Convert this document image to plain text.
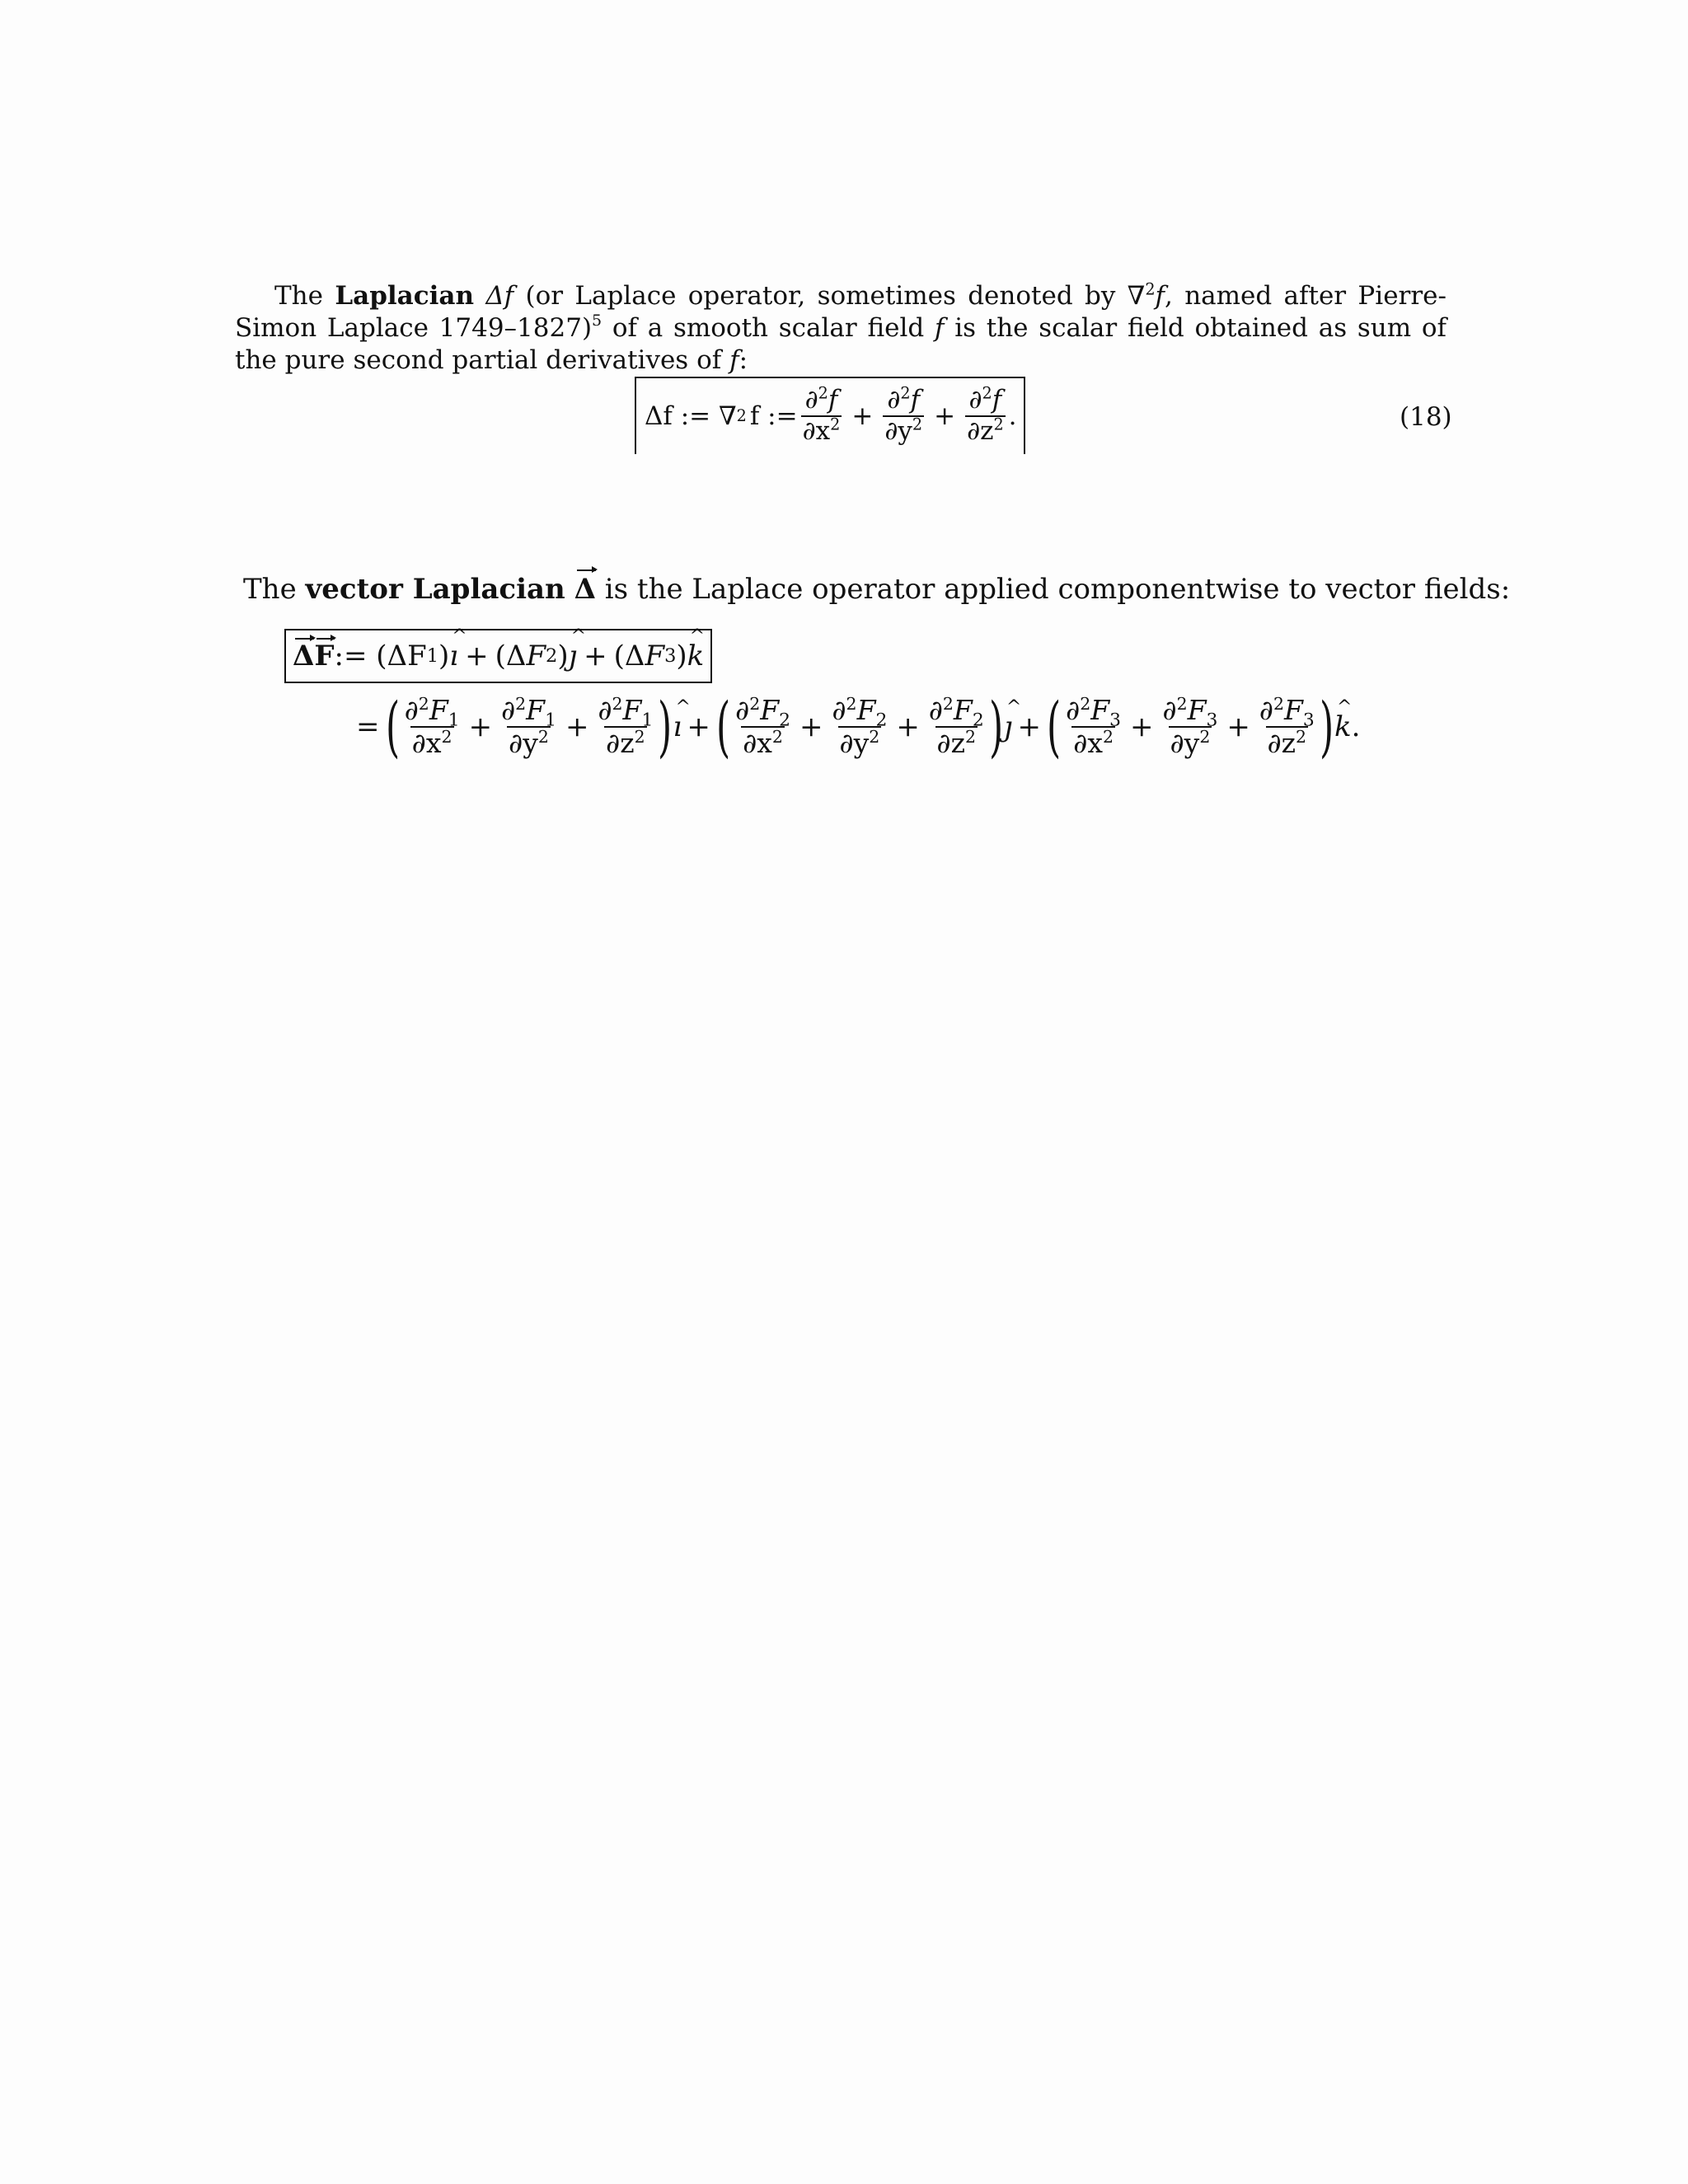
The Laplacian Δf (or Laplace operator, sometimes denoted by ∇$^2$f, named after Pierre-Simon Laplace 1749–1827)$^5$ of a smooth scalar field f is the scalar field obtained as sum of the pure second partial derivatives of f:
Δf := ∇ 2 f := $\frac{\partial^2f}{\partial x^2} + \frac{\partial^2f}{\partial y^2} + \frac{\partial^2f}{\partial z^2}$ .	(18)
The vector Laplacian Δ is the Laplace operator applied componentwise to vector fields:
Δ F := (ΔF 1 ) ı ^ + (Δ F 2 ) ȷ ^ + (Δ F 3 ) k ^
= ( $\frac{\partial^2F_1}{\partial x^2} + \frac{\partial^2F_1}{\partial y^2} + \frac{\partial^2F_1}{\partial z^2}$ ) ı ^ + ( $\frac{\partial^2F_2}{\partial x^2} + \frac{\partial^2F_2}{\partial y^2} + \frac{\partial^2F_2}{\partial z^2}$ ) ȷ ^ + ( $\frac{\partial^2F_3}{\partial x^2} + \frac{\partial^2F_3}{\partial y^2} + \frac{\partial^2F_3}{\partial z^2}$ ) k ^ .
